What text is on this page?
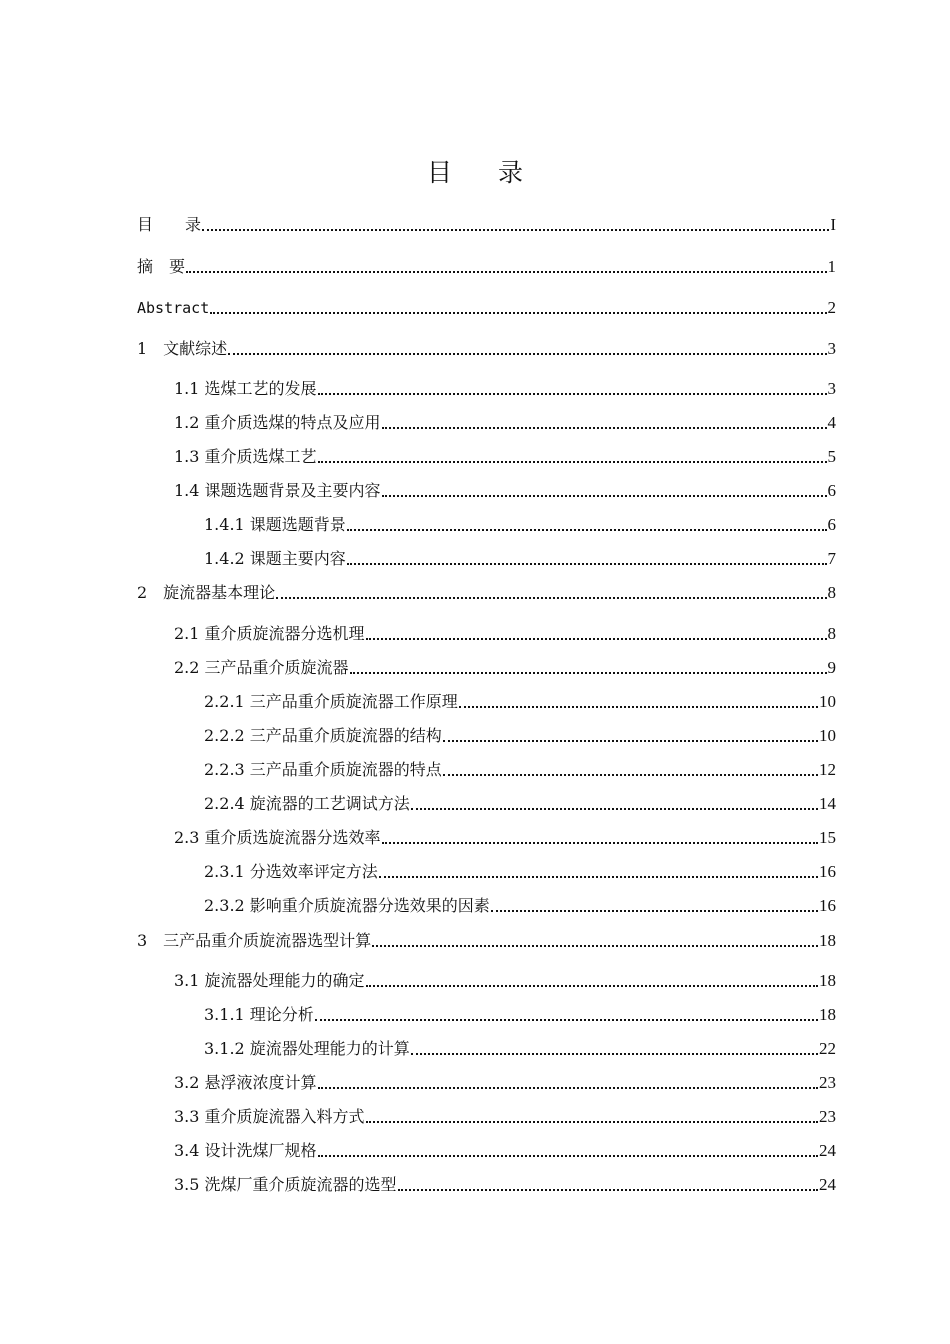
目 录
目　　录	I
摘　要	1
Abstract	2
1　文献综述	3
1.1 选煤工艺的发展	3
1.2 重介质选煤的特点及应用	4
1.3 重介质选煤工艺	5
1.4 课题选题背景及主要内容	6
1.4.1 课题选题背景	6
1.4.2 课题主要内容	7
2　旋流器基本理论	8
2.1 重介质旋流器分选机理	8
2.2 三产品重介质旋流器	9
2.2.1 三产品重介质旋流器工作原理	10
2.2.2 三产品重介质旋流器的结构	10
2.2.3 三产品重介质旋流器的特点	12
2.2.4 旋流器的工艺调试方法	14
2.3 重介质选旋流器分选效率	15
2.3.1 分选效率评定方法	16
2.3.2 影响重介质旋流器分选效果的因素	16
3　三产品重介质旋流器选型计算	18
3.1 旋流器处理能力的确定	18
3.1.1 理论分析	18
3.1.2 旋流器处理能力的计算	22
3.2 悬浮液浓度计算	23
3.3 重介质旋流器入料方式	23
3.4 设计洗煤厂规格	24
3.5 洗煤厂重介质旋流器的选型	24
